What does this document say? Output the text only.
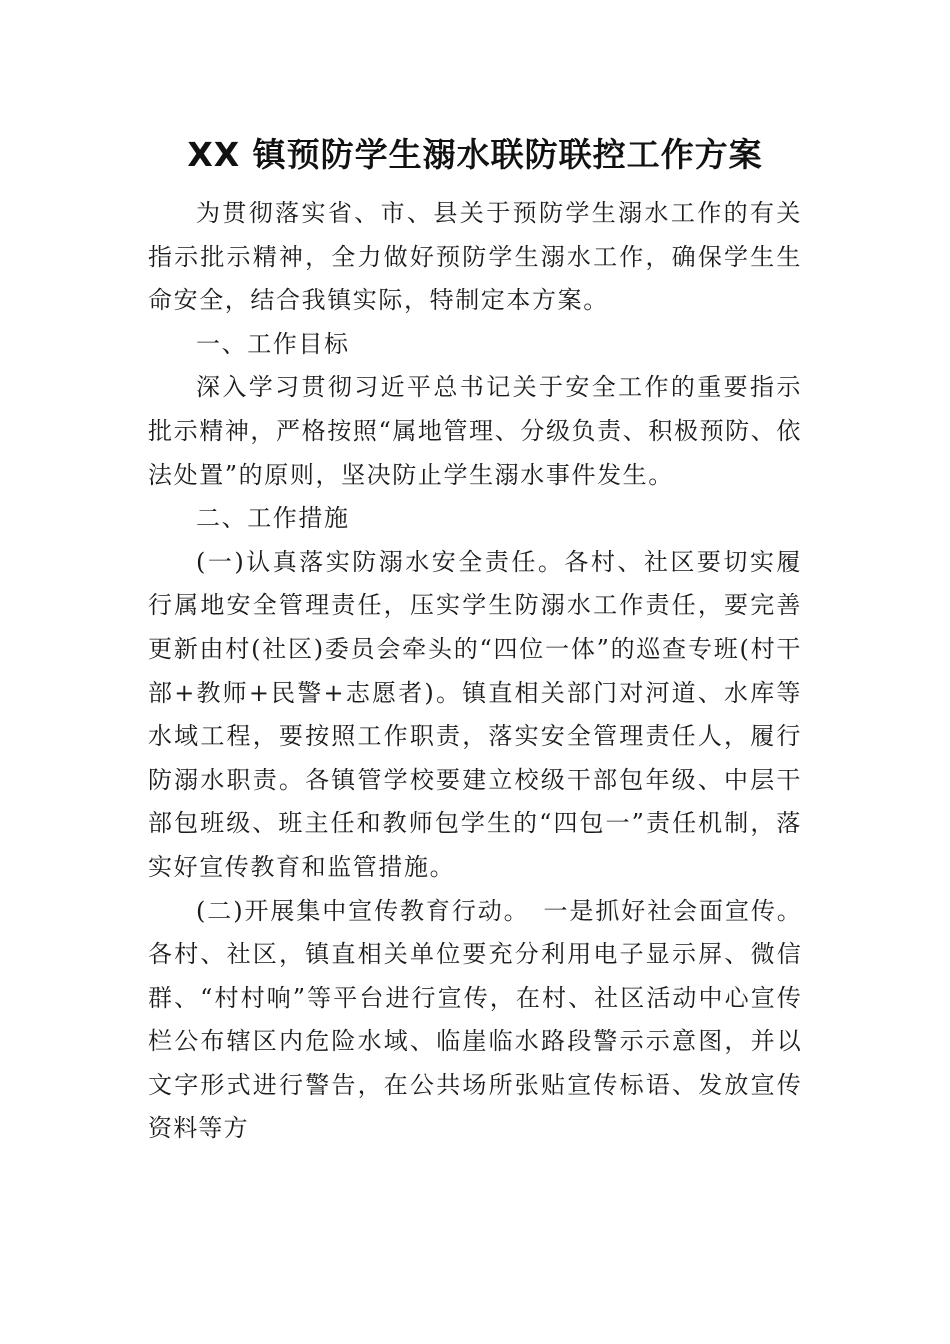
XX 镇预防学生溺水联防联控工作方案

为贯彻落实省、市、县关于预防学生溺水工作的有关指示批示精神，全力做好预防学生溺水工作，确保学生生命安全，结合我镇实际，特制定本方案。

一、工作目标

深入学习贯彻习近平总书记关于安全工作的重要指示批示精神，严格按照“属地管理、分级负责、积极预防、依法处置”的原则，坚决防止学生溺水事件发生。

二、工作措施

(一)认真落实防溺水安全责任。各村、社区要切实履行属地安全管理责任，压实学生防溺水工作责任，要完善更新由村(社区)委员会牵头的“四位一体”的巡查专班(村干部+教师+民警+志愿者)。镇直相关部门对河道、水库等水域工程，要按照工作职责，落实安全管理责任人，履行防溺水职责。各镇管学校要建立校级干部包年级、中层干部包班级、班主任和教师包学生的“四包一”责任机制，落实好宣传教育和监管措施。

(二)开展集中宣传教育行动。　一是抓好社会面宣传。各村、社区，镇直相关单位要充分利用电子显示屏、微信群、“村村响”等平台进行宣传，在村、社区活动中心宣传栏公布辖区内危险水域、临崖临水路段警示示意图，并以文字形式进行警告，在公共场所张贴宣传标语、发放宣传资料等方
